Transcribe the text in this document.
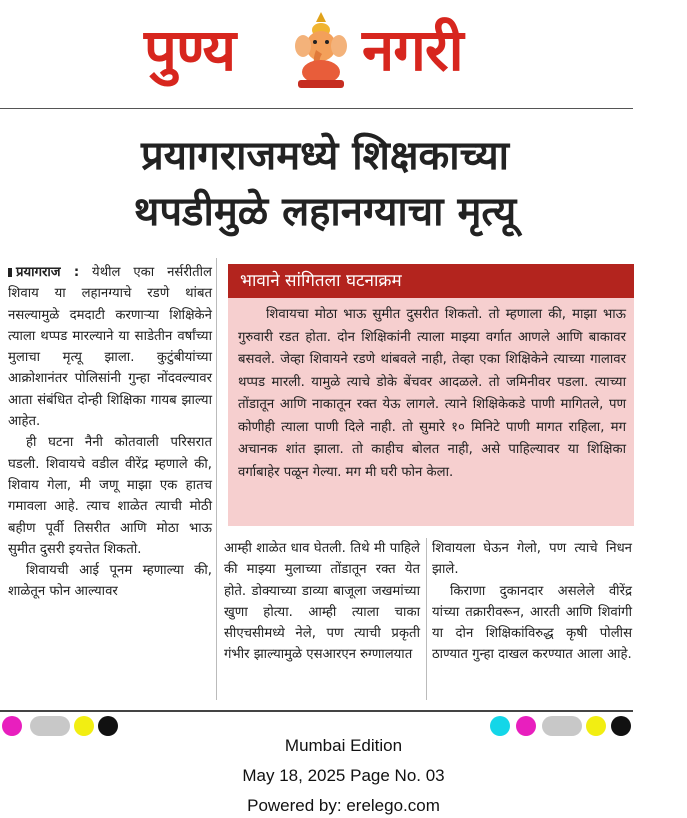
पुण्य नगरी
प्रयागराजमध्ये शिक्षकाच्या
थपडीमुळे लहानग्याचा मृत्यू

प्रयागराज : येथील एका नर्सरीतील शिवाय या लहानग्याचे रडणे थांबत नसल्यामुळे दमदाटी करणाऱ्या शिक्षिकेने त्याला थप्पड मारल्याने या साडेतीन वर्षांच्या मुलाचा मृत्यू झाला. कुटुंबीयांच्या आक्रोशानंतर पोलिसांनी गुन्हा नोंदवल्यावर आता संबंधित दोन्ही शिक्षिका गायब झाल्या आहेत.

ही घटना नैनी कोतवाली परिसरात घडली. शिवायचे वडील वीरेंद्र म्हणाले की, शिवाय गेला, मी जणू माझा एक हातच गमावला आहे. त्याच शाळेत त्याची मोठी बहीण पूर्वी तिसरीत आणि मोठा भाऊ सुमीत दुसरी इयत्तेत शिकतो.

शिवायची आई पूनम म्हणाल्या की, शाळेतून फोन आल्यावर

भावाने सांगितला घटनाक्रम

शिवायचा मोठा भाऊ सुमीत दुसरीत शिकतो. तो म्हणाला की, माझा भाऊ गुरुवारी रडत होता. दोन शिक्षिकांनी त्याला माझ्या वर्गात आणले आणि बाकावर बसवले. जेव्हा शिवायने रडणे थांबवले नाही, तेव्हा एका शिक्षिकेने त्याच्या गालावर थप्पड मारली. यामुळे त्याचे डोके बेंचवर आदळले. तो जमिनीवर पडला. त्याच्या तोंडातून आणि नाकातून रक्त येऊ लागले. त्याने शिक्षिकेकडे पाणी मागितले, पण कोणीही त्याला पाणी दिले नाही. तो सुमारे १० मिनिटे पाणी मागत राहिला, मग अचानक शांत झाला. तो काहीच बोलत नाही, असे पाहिल्यावर या शिक्षिका वर्गाबाहेर पळून गेल्या. मग मी घरी फोन केला.

आम्ही शाळेत धाव घेतली. तिथे मी पाहिले की माझ्या मुलाच्या तोंडातून रक्त येत होते. डोक्याच्या डाव्या बाजूला जखमांच्या खुणा होत्या. आम्ही त्याला चाका सीएचसीमध्ये नेले, पण त्याची प्रकृती गंभीर झाल्यामुळे एसआरएन रुग्णालयात

शिवायला घेऊन गेलो, पण त्याचे निधन झाले.

किराणा दुकानदार असलेले वीरेंद्र यांच्या तक्रारीवरून, आरती आणि शिवांगी या दोन शिक्षिकांविरुद्ध कृषी पोलीस ठाण्यात गुन्हा दाखल करण्यात आला आहे.

Mumbai Edition
May 18, 2025 Page No. 03
Powered by: erelego.com
